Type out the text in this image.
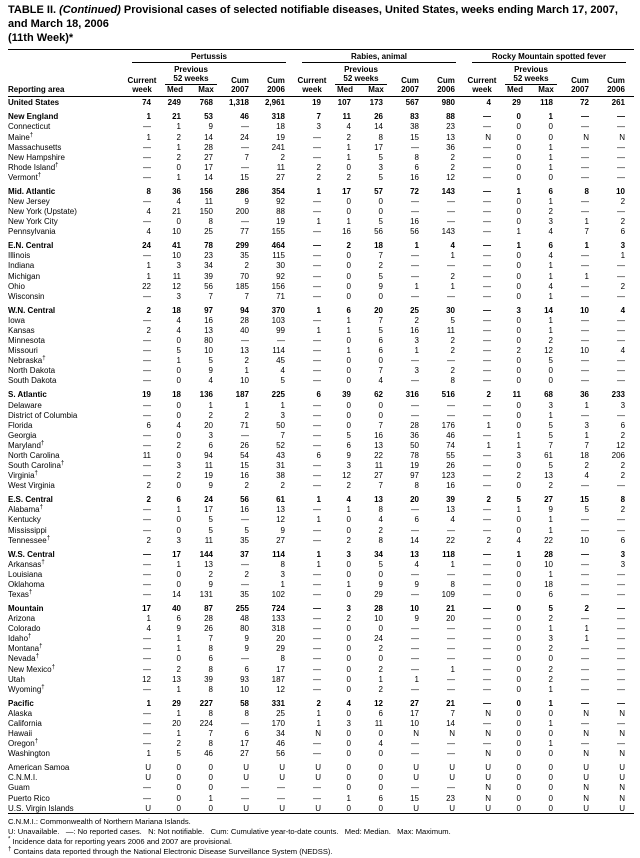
TABLE II. (Continued) Provisional cases of selected notifiable diseases, United States, weeks ending March 17, 2007, and March 18, 2006
(11th Week)*

	Pertussis					Rabies, animal					Rocky Mountain spotted fever				

		Previous					Previous					Previous			
	Current	52 weeks		Cum	Cum	Current	52 weeks		Cum	Cum	Current	52 weeks		Cum	Cum
Reporting area	week	Med	Max	2007	2006	week	Med	Max	2007	2006	week	Med	Max	2007	2006
United States	74	249	768	1,318	2,961	19	107	173	567	980	4	29	118	72	261
New England	1	21	53	46	318	7	11	26	83	88	—	0	1	—	—
Connecticut	—	1	9	—	18	3	4	14	38	23	—	0	0	—	—
Maine†	1	2	14	24	19	—	2	8	15	13	N	0	0	N	N
Massachusetts	—	1	28	—	241	—	1	17	—	36	—	0	1	—	—
New Hampshire	—	2	27	7	2	—	1	5	8	2	—	0	1	—	—
Rhode Island†	—	0	17	—	11	2	0	3	6	2	—	0	1	—	—
Vermont†	—	1	14	15	27	2	2	5	16	12	—	0	0	—	—
Mid. Atlantic	8	36	156	286	354	1	17	57	72	143	—	1	6	8	10
New Jersey	—	4	11	9	92	—	0	0	—	—	—	0	1	—	2
New York (Upstate)	4	21	150	200	88	—	0	0	—	—	—	0	2	—	—
New York City	—	0	8	—	19	1	1	5	16	—	—	0	3	1	2
Pennsylvania	4	10	25	77	155	—	16	56	56	143	—	1	4	7	6
E.N. Central	24	41	78	299	464	—	2	18	1	4	—	1	6	1	3
Illinois	—	10	23	35	115	—	0	7	—	1	—	0	4	—	1
Indiana	1	3	34	2	30	—	0	2	—	—	—	0	1	—	—
Michigan	1	11	39	70	92	—	0	5	—	2	—	0	1	1	—
Ohio	22	12	56	185	156	—	0	9	1	1	—	0	4	—	2
Wisconsin	—	3	7	7	71	—	0	0	—	—	—	0	1	—	—
W.N. Central	2	18	97	94	370	1	6	20	25	30	—	3	14	10	4
Iowa	—	4	16	28	103	—	1	7	2	5	—	0	1	—	—
Kansas	2	4	13	40	99	1	1	5	16	11	—	0	1	—	—
Minnesota	—	0	80	—	—	—	0	6	3	2	—	0	2	—	—
Missouri	—	5	10	13	114	—	1	6	1	2	—	2	12	10	4
Nebraska†	—	1	5	2	45	—	0	0	—	—	—	0	5	—	—
North Dakota	—	0	9	1	4	—	0	7	3	2	—	0	0	—	—
South Dakota	—	0	4	10	5	—	0	4	—	8	—	0	0	—	—
S. Atlantic	19	18	136	187	225	6	39	62	316	516	2	11	68	36	233
Delaware	—	0	1	1	1	—	0	0	—	—	—	0	3	1	3
District of Columbia	—	0	2	2	3	—	0	0	—	—	—	0	1	—	—
Florida	6	4	20	71	50	—	0	7	28	176	1	0	5	3	6
Georgia	—	0	3	—	7	—	5	16	36	46	—	1	5	1	2
Maryland†	—	2	6	26	52	—	6	13	50	74	1	1	7	7	12
North Carolina	11	0	94	54	43	6	9	22	78	55	—	3	61	18	206
South Carolina†	—	3	11	15	31	—	3	11	19	26	—	0	5	2	2
Virginia†	—	2	19	16	38	—	12	27	97	123	—	2	13	4	2
West Virginia	2	0	9	2	2	—	2	7	8	16	—	0	2	—	—
E.S. Central	2	6	24	56	61	1	4	13	20	39	2	5	27	15	8
Alabama†	—	1	17	16	13	—	1	8	—	13	—	1	9	5	2
Kentucky	—	0	5	—	12	1	0	4	6	4	—	0	1	—	—
Mississippi	—	0	5	5	9	—	0	2	—	—	—	0	1	—	—
Tennessee†	2	3	11	35	27	—	2	8	14	22	2	4	22	10	6
W.S. Central	—	17	144	37	114	1	3	34	13	118	—	1	28	—	3
Arkansas†	—	1	13	—	8	1	0	5	4	1	—	0	10	—	3
Louisiana	—	0	2	2	3	—	0	0	—	—	—	0	1	—	—
Oklahoma	—	0	9	—	1	—	1	9	9	8	—	0	18	—	—
Texas†	—	14	131	35	102	—	0	29	—	109	—	0	6	—	—
Mountain	17	40	87	255	724	—	3	28	10	21	—	0	5	2	—
Arizona	1	6	28	48	133	—	2	10	9	20	—	0	2	—	—
Colorado	4	9	26	80	318	—	0	0	—	—	—	0	1	1	—
Idaho†	—	1	7	9	20	—	0	24	—	—	—	0	3	1	—
Montana†	—	1	8	9	29	—	0	2	—	—	—	0	2	—	—
Nevada†	—	0	6	—	8	—	0	0	—	—	—	0	0	—	—
New Mexico†	—	2	8	6	17	—	0	2	—	1	—	0	2	—	—
Utah	12	13	39	93	187	—	0	1	1	—	—	0	2	—	—
Wyoming†	—	1	8	10	12	—	0	2	—	—	—	0	1	—	—
Pacific	1	29	227	58	331	2	4	12	27	21	—	0	1	—	—
Alaska	—	1	8	8	25	1	0	6	17	7	N	0	0	N	N
California	—	20	224	—	170	1	3	11	10	14	—	0	1	—	—
Hawaii	—	1	7	6	34	N	0	0	N	N	N	0	0	N	N
Oregon†	—	2	8	17	46	—	0	4	—	—	—	0	1	—	—
Washington	1	5	46	27	56	—	0	0	—	—	N	0	0	N	N
American Samoa	U	0	0	U	U	U	0	0	U	U	U	0	0	U	U
C.N.M.I.	U	0	0	U	U	U	0	0	U	U	U	0	0	U	U
Guam	—	0	0	—	—	—	0	0	—	—	N	0	0	N	N
Puerto Rico	—	0	1	—	—	—	1	6	15	23	N	0	0	N	N
U.S. Virgin Islands	U	0	0	U	U	U	0	0	U	U	U	0	0	U	U
C.N.M.I.: Commonwealth of Northern Mariana Islands.
U: Unavailable.   —: No reported cases.   N: Not notifiable.   Cum: Cumulative year-to-date counts.   Med: Median.   Max: Maximum.
* Incidence data for reporting years 2006 and 2007 are provisional.
† Contains data reported through the National Electronic Disease Surveillance System (NEDSS).
